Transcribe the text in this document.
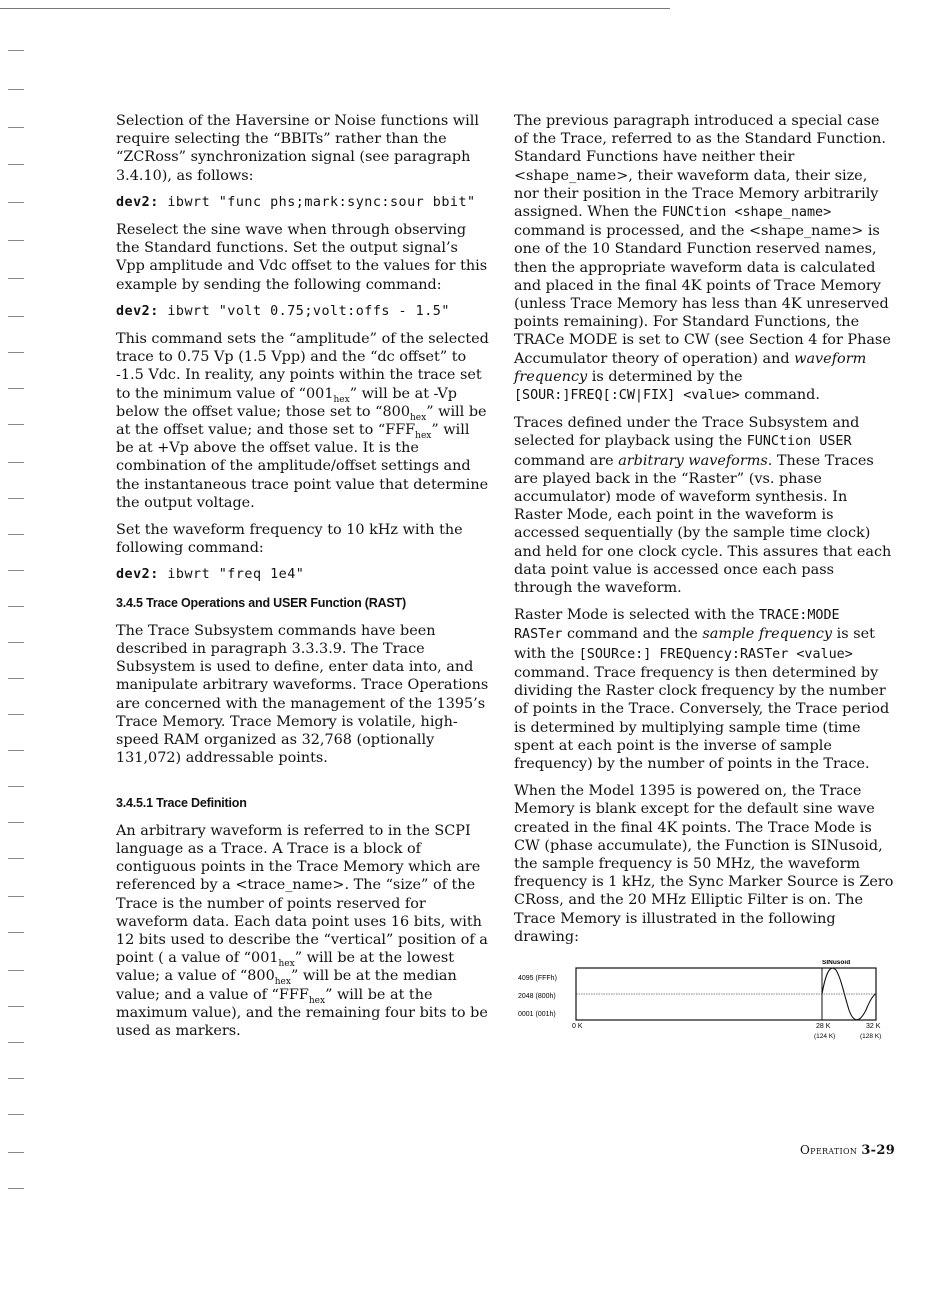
Selection of the Haversine or Noise functions will require selecting the “BBITs” rather than the “ZCRoss” synchronization signal (see paragraph 3.4.10), as follows:

dev2: ibwrt "func phs;mark:sync:sour bbit"

Reselect the sine wave when through observing the Standard functions. Set the output signal’s Vpp amplitude and Vdc offset to the values for this example by sending the following command:

dev2: ibwrt "volt 0.75;volt:offs - 1.5"

This command sets the “amplitude” of the selected trace to 0.75 Vp (1.5 Vpp) and the “dc offset” to -1.5 Vdc. In reality, any points within the trace set to the minimum value of “$001_{hex}$” will be at -Vp below the offset value; those set to “$800_{hex}$” will be at the offset value; and those set to “$FFF_{hex}$” will be at +Vp above the offset value. It is the combination of the amplitude/offset settings and the instantaneous trace point value that determine the output voltage.

Set the waveform frequency to 10 kHz with the following command:

dev2: ibwrt "freq 1e4"

3.4.5 Trace Operations and USER Function (RAST)

The Trace Subsystem commands have been described in paragraph 3.3.3.9. The Trace Subsystem is used to define, enter data into, and manipulate arbitrary waveforms. Trace Operations are concerned with the management of the 1395’s Trace Memory. Trace Memory is volatile, high-speed RAM organized as 32,768 (optionally 131,072) addressable points.

3.4.5.1 Trace Definition

An arbitrary waveform is referred to in the SCPI language as a Trace. A Trace is a block of contiguous points in the Trace Memory which are referenced by a <trace_name>. The “size” of the Trace is the number of points reserved for waveform data. Each data point uses 16 bits, with 12 bits used to describe the “vertical” position of a point ( a value of “$001_{hex}$” will be at the lowest value; a value of “$800_{hex}$” will be at the median value; and a value of “$FFF_{hex}$” will be at the maximum value), and the remaining four bits to be used as markers.

The previous paragraph introduced a special case of the Trace, referred to as the Standard Function. Standard Functions have neither their <shape_name>, their waveform data, their size, nor their position in the Trace Memory arbitrarily assigned. When the FUNCtion <shape_name> command is processed, and the <shape_name> is one of the 10 Standard Function reserved names, then the appropriate waveform data is calculated and placed in the final 4K points of Trace Memory (unless Trace Memory has less than 4K unreserved points remaining). For Standard Functions, the TRACe MODE is set to CW (see Section 4 for Phase Accumulator theory of operation) and waveform frequency is determined by the [SOUR:]FREQ[:CW|FIX] <value> command.

Traces defined under the Trace Subsystem and selected for playback using the FUNCtion USER command are arbitrary waveforms. These Traces are played back in the “Raster” (vs. phase accumulator) mode of waveform synthesis. In Raster Mode, each point in the waveform is accessed sequentially (by the sample time clock) and held for one clock cycle. This assures that each data point value is accessed once each pass through the waveform.

Raster Mode is selected with the TRACE:MODE RASTer command and the sample frequency is set with the [SOURce:] FREQuency:RASTer <value> command. Trace frequency is then determined by dividing the Raster clock frequency by the number of points in the Trace. Conversely, the Trace period is determined by multiplying sample time (time spent at each point is the inverse of sample frequency) by the number of points in the Trace.

When the Model 1395 is powered on, the Trace Memory is blank except for the default sine wave created in the final 4K points. The Trace Mode is CW (phase accumulate), the Function is SINusoid, the sample frequency is 50 MHz, the waveform frequency is 1 kHz, the Sync Marker Source is Zero CRoss, and the 20 MHz Elliptic Filter is on. The Trace Memory is illustrated in the following drawing:

4095 (FFFh)
2048 (800h)
0001 (001h)
SINusoid
0 K	28 K
(124 K)
32 K
(128 K)
Operation 3-29
